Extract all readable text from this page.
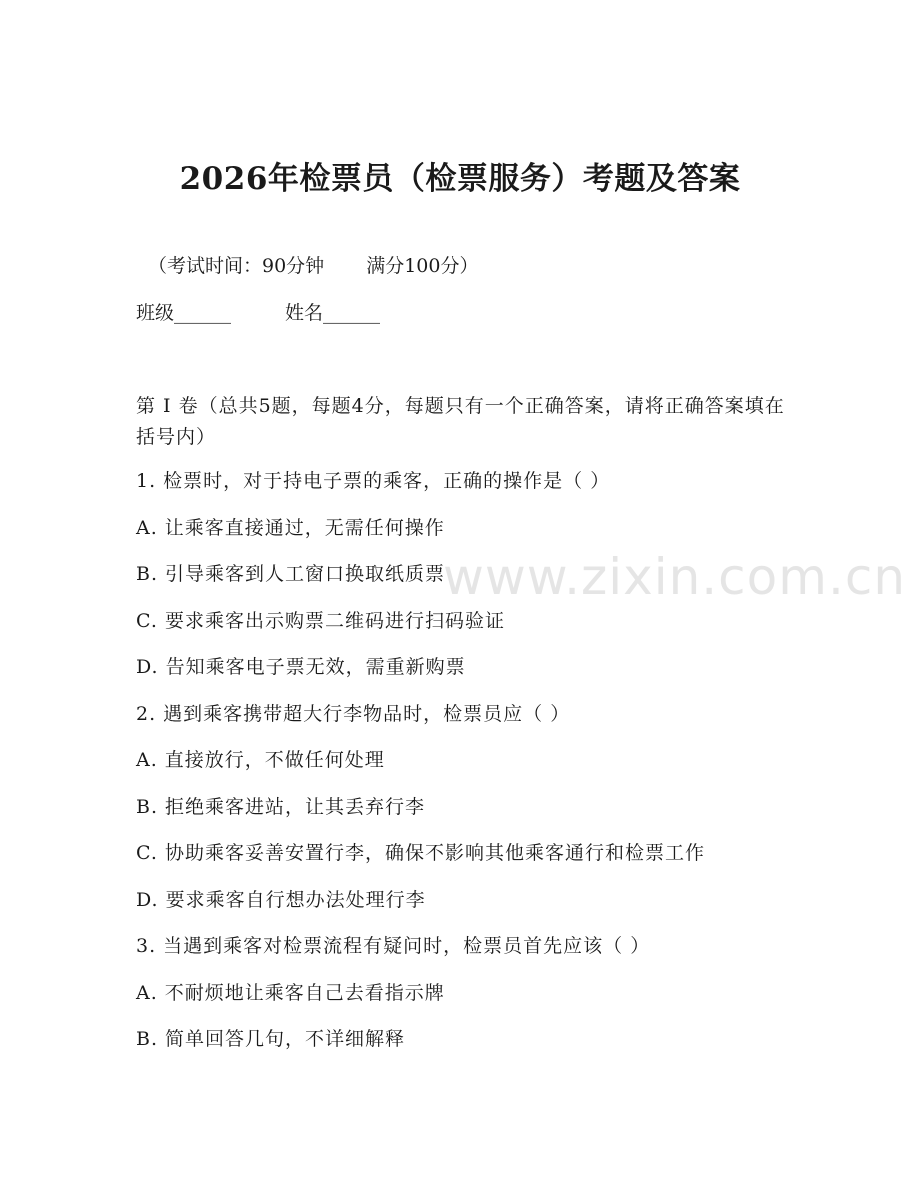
2026年检票员（检票服务）考题及答案
（考试时间：90分钟 满分100分）
班级______	姓名______
第 I 卷（总共5题，每题4分，每题只有一个正确答案，请将正确答案填在括号内）
1. 检票时，对于持电子票的乘客，正确的操作是（ ）
A. 让乘客直接通过，无需任何操作
B. 引导乘客到人工窗口换取纸质票
C. 要求乘客出示购票二维码进行扫码验证
D. 告知乘客电子票无效，需重新购票
2. 遇到乘客携带超大行李物品时，检票员应（ ）
A. 直接放行，不做任何处理
B. 拒绝乘客进站，让其丢弃行李
C. 协助乘客妥善安置行李，确保不影响其他乘客通行和检票工作
D. 要求乘客自行想办法处理行李
3. 当遇到乘客对检票流程有疑问时，检票员首先应该（ ）
A. 不耐烦地让乘客自己去看指示牌
B. 简单回答几句，不详细解释
www.zixin.com.cn
